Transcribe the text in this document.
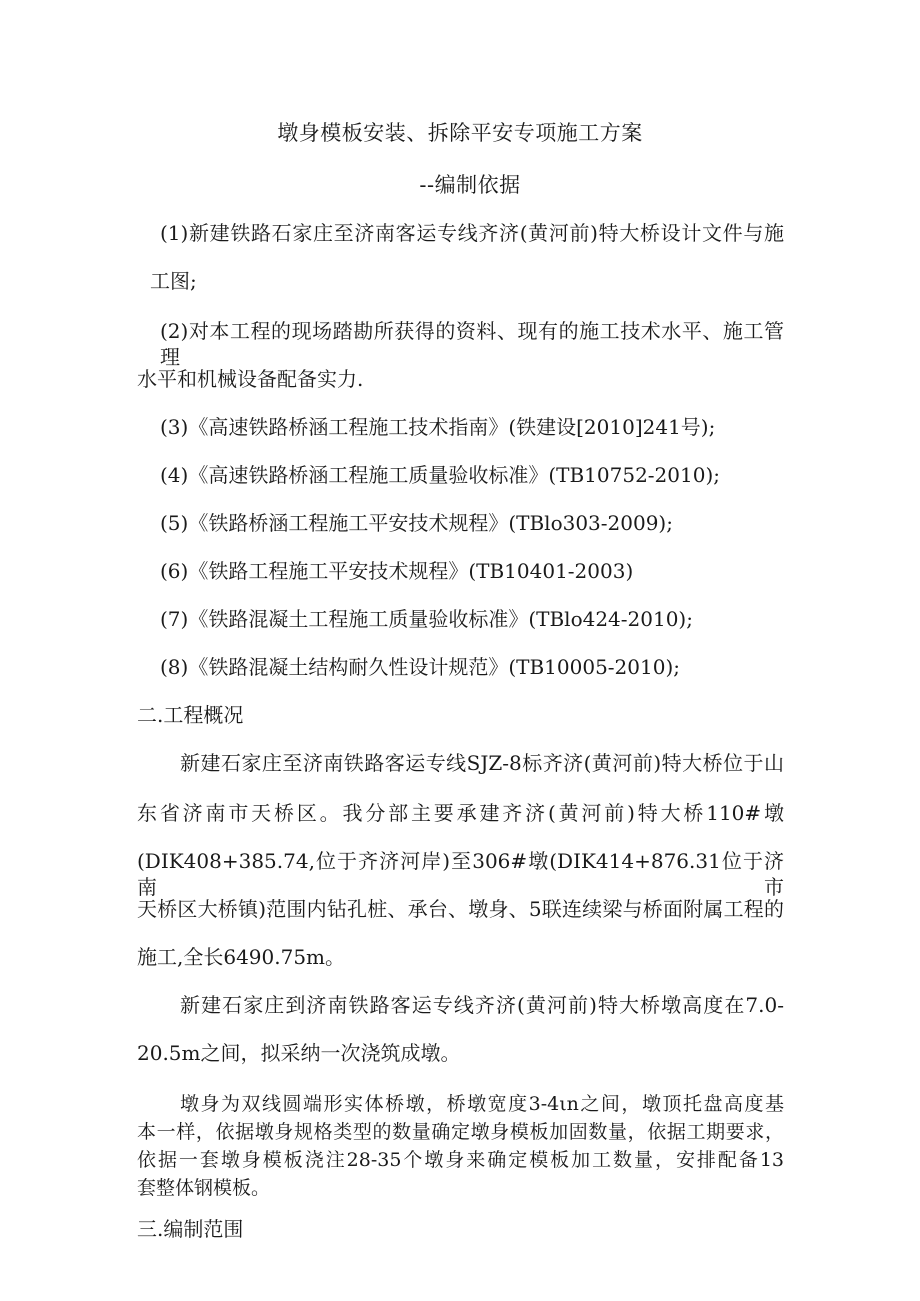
墩身模板安装、拆除平安专项施工方案
--编制依据
(1)新建铁路石家庄至济南客运专线齐济(黄河前)特大桥设计文件与施
工图;
(2)对本工程的现场踏勘所获得的资料、现有的施工技术水平、施工管理
水平和机械设备配备实力.
(3)《高速铁路桥涵工程施工技术指南》(铁建设[2010]241号);
(4)《高速铁路桥涵工程施工质量验收标准》(TB10752-2010);
(5)《铁路桥涵工程施工平安技术规程》(TBlo303-2009);
(6)《铁路工程施工平安技术规程》(TB10401-2003)
(7)《铁路混凝土工程施工质量验收标准》(TBlo424-2010);
(8)《铁路混凝土结构耐久性设计规范》(TB10005-2010);
二.工程概况
新建石家庄至济南铁路客运专线SJZ-8标齐济(黄河前)特大桥位于山
东省济南市天桥区。我分部主要承建齐济(黄河前)特大桥110#墩
(DIK408+385.74,位于齐济河岸)至306#墩(DIK414+876.31位于济南市
天桥区大桥镇)范围内钻孔桩、承台、墩身、5联连续梁与桥面附属工程的
施工,全长6490.75m。
新建石家庄到济南铁路客运专线齐济(黄河前)特大桥墩高度在7.0-
20.5m之间，拟采纳一次浇筑成墩。
墩身为双线圆端形实体桥墩，桥墩宽度3-4ιn之间，墩顶托盘高度基
本一样，依据墩身规格类型的数量确定墩身模板加固数量，依据工期要求，
依据一套墩身模板浇注28-35个墩身来确定模板加工数量，安排配备13
套整体钢模板。
三.编制范围
